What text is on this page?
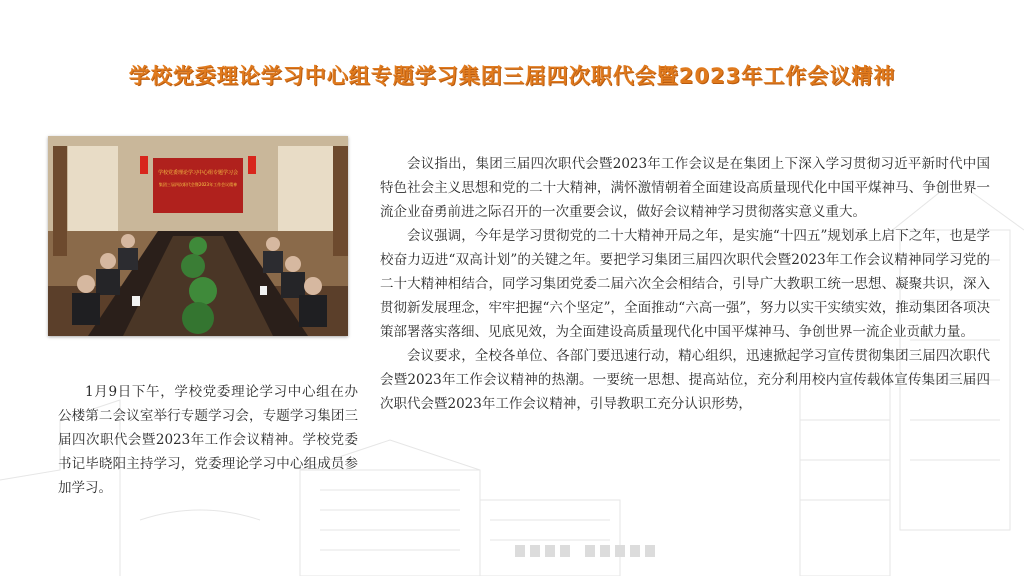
学校党委理论学习中心组专题学习集团三届四次职代会暨2023年工作会议精神
学校党委理论学习中心组专题学习会
集团三届四次职代会暨2023年工作会议精神
1月9日下午，学校党委理论学习中心组在办公楼第二会议室举行专题学习会，专题学习集团三届四次职代会暨2023年工作会议精神。学校党委书记毕晓阳主持学习，党委理论学习中心组成员参加学习。

会议指出，集团三届四次职代会暨2023年工作会议是在集团上下深入学习贯彻习近平新时代中国特色社会主义思想和党的二十大精神，满怀激情朝着全面建设高质量现代化中国平煤神马、争创世界一流企业奋勇前进之际召开的一次重要会议，做好会议精神学习贯彻落实意义重大。

会议强调，今年是学习贯彻党的二十大精神开局之年，是实施“十四五”规划承上启下之年，也是学校奋力迈进“双高计划”的关键之年。要把学习集团三届四次职代会暨2023年工作会议精神同学习党的二十大精神相结合，同学习集团党委二届六次全会相结合，引导广大教职工统一思想、凝聚共识，深入贯彻新发展理念，牢牢把握“六个坚定”，全面推动“六高一强”，努力以实干实绩实效，推动集团各项决策部署落实落细、见底见效，为全面建设高质量现代化中国平煤神马、争创世界一流企业贡献力量。

会议要求，全校各单位、各部门要迅速行动，精心组织，迅速掀起学习宣传贯彻集团三届四次职代会暨2023年工作会议精神的热潮。一要统一思想、提高站位，充分利用校内宣传载体宣传集团三届四次职代会暨2023年工作会议精神，引导教职工充分认识形势，
